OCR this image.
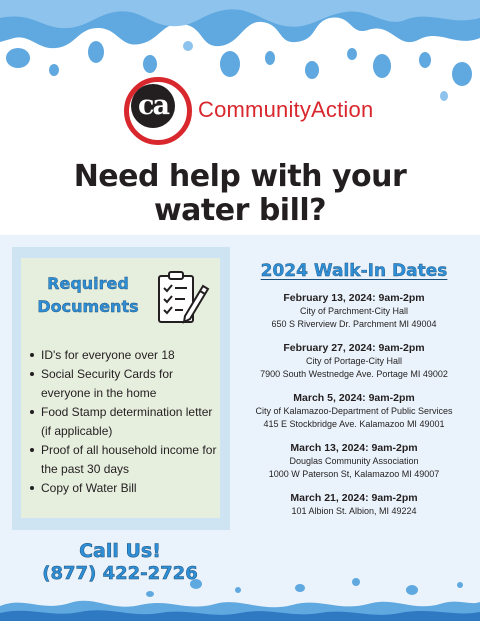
ca	CommunityAction
Need help with your
water bill?
Required
Documents
ID's for everyone over 18
Social Security Cards for everyone in the home
Food Stamp determination letter (if applicable)
Proof of all household income for the past 30 days
Copy of Water Bill
2024 Walk-In Dates
February 13, 2024: 9am-2pm
City of Parchment-City Hall
650 S Riverview Dr. Parchment MI 49004
February 27, 2024: 9am-2pm
City of Portage-City Hall
7900 South Westnedge Ave. Portage MI 49002
March 5, 2024: 9am-2pm
City of Kalamazoo-Department of Public Services
415 E Stockbridge Ave. Kalamazoo MI 49001
March 13, 2024: 9am-2pm
Douglas Community Association
1000 W Paterson St, Kalamazoo MI 49007
March 21, 2024: 9am-2pm
101 Albion St. Albion, MI 49224
Call Us!
(877) 422-2726
